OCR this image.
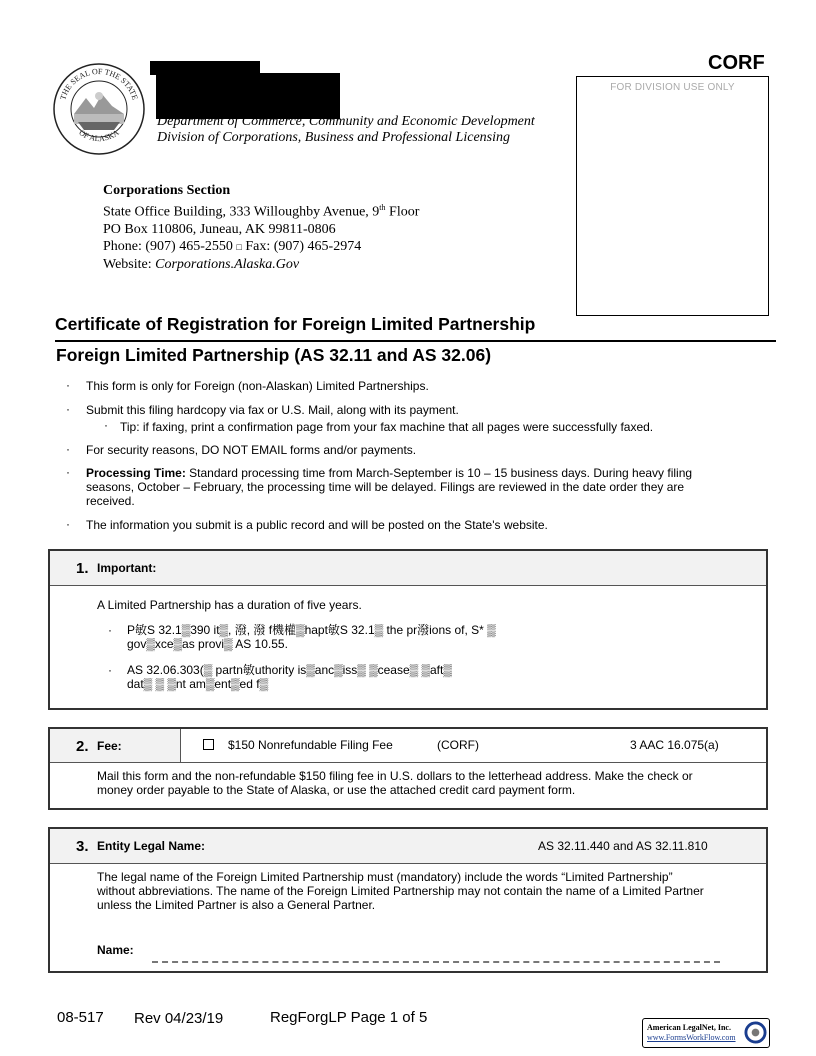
CORF
FOR DIVISION USE ONLY
THE SEAL OF THE STATE
OF ALASKA
Department of Commerce, Community and Economic Development
Division of Corporations, Business and Professional Licensing
Corporations Section
State Office Building, 333 Willoughby Avenue, 9th Floor
PO Box 110806, Juneau, AK 99811-0806
Phone: (907) 465-2550 □ Fax: (907) 465-2974
Website: Corporations.Alaska.Gov
Certificate of Registration for Foreign Limited Partnership
Foreign Limited Partnership (AS 32.11 and AS 32.06)
· This form is only for Foreign (non-Alaskan) Limited Partnerships.
· Submit this filing hardcopy via fax or U.S. Mail, along with its payment.
· Tip: if faxing, print a confirmation page from your fax machine that all pages were successfully faxed.
· For security reasons, DO NOT EMAIL forms and/or payments.
· Processing Time: Standard processing time from March-September is 10 – 15 business days. During heavy filing seasons, October – February, the processing time will be delayed. Filings are reviewed in the date order they are received.
· The information you submit is a public record and will be posted on the State's website.
1. Important:
A Limited Partnership has a duration of five years.
· P敏S 32.1▒390 it▒, 潑, 潑 f機權▒hapt敏S 32.1▒ the pr潑ions of, S* ▒
gov▒xce▒as provi▒ AS 10.55.
· AS 32.06.303(▒ partn敏uthority is▒anc▒iss▒ ▒cease▒ ▒aft▒
dat▒ ▒ ▒nt am▒ent▒ed f▒
2. Fee:	$150 Nonrefundable Filing Fee	(CORF)	3 AAC 16.075(a)
Mail this form and the non-refundable $150 filing fee in U.S. dollars to the letterhead address. Make the check or money order payable to the State of Alaska, or use the attached credit card payment form.
3. Entity Legal Name:	AS 32.11.440 and AS 32.11.810
The legal name of the Foreign Limited Partnership must (mandatory) include the words “Limited Partnership” without abbreviations. The name of the Foreign Limited Partnership may not contain the name of a Limited Partner unless the Limited Partner is also a General Partner.
Name:
08-517 Rev 04/23/19	RegForgLP Page 1 of 5
American LegalNet, Inc.
www.FormsWorkFlow.com
